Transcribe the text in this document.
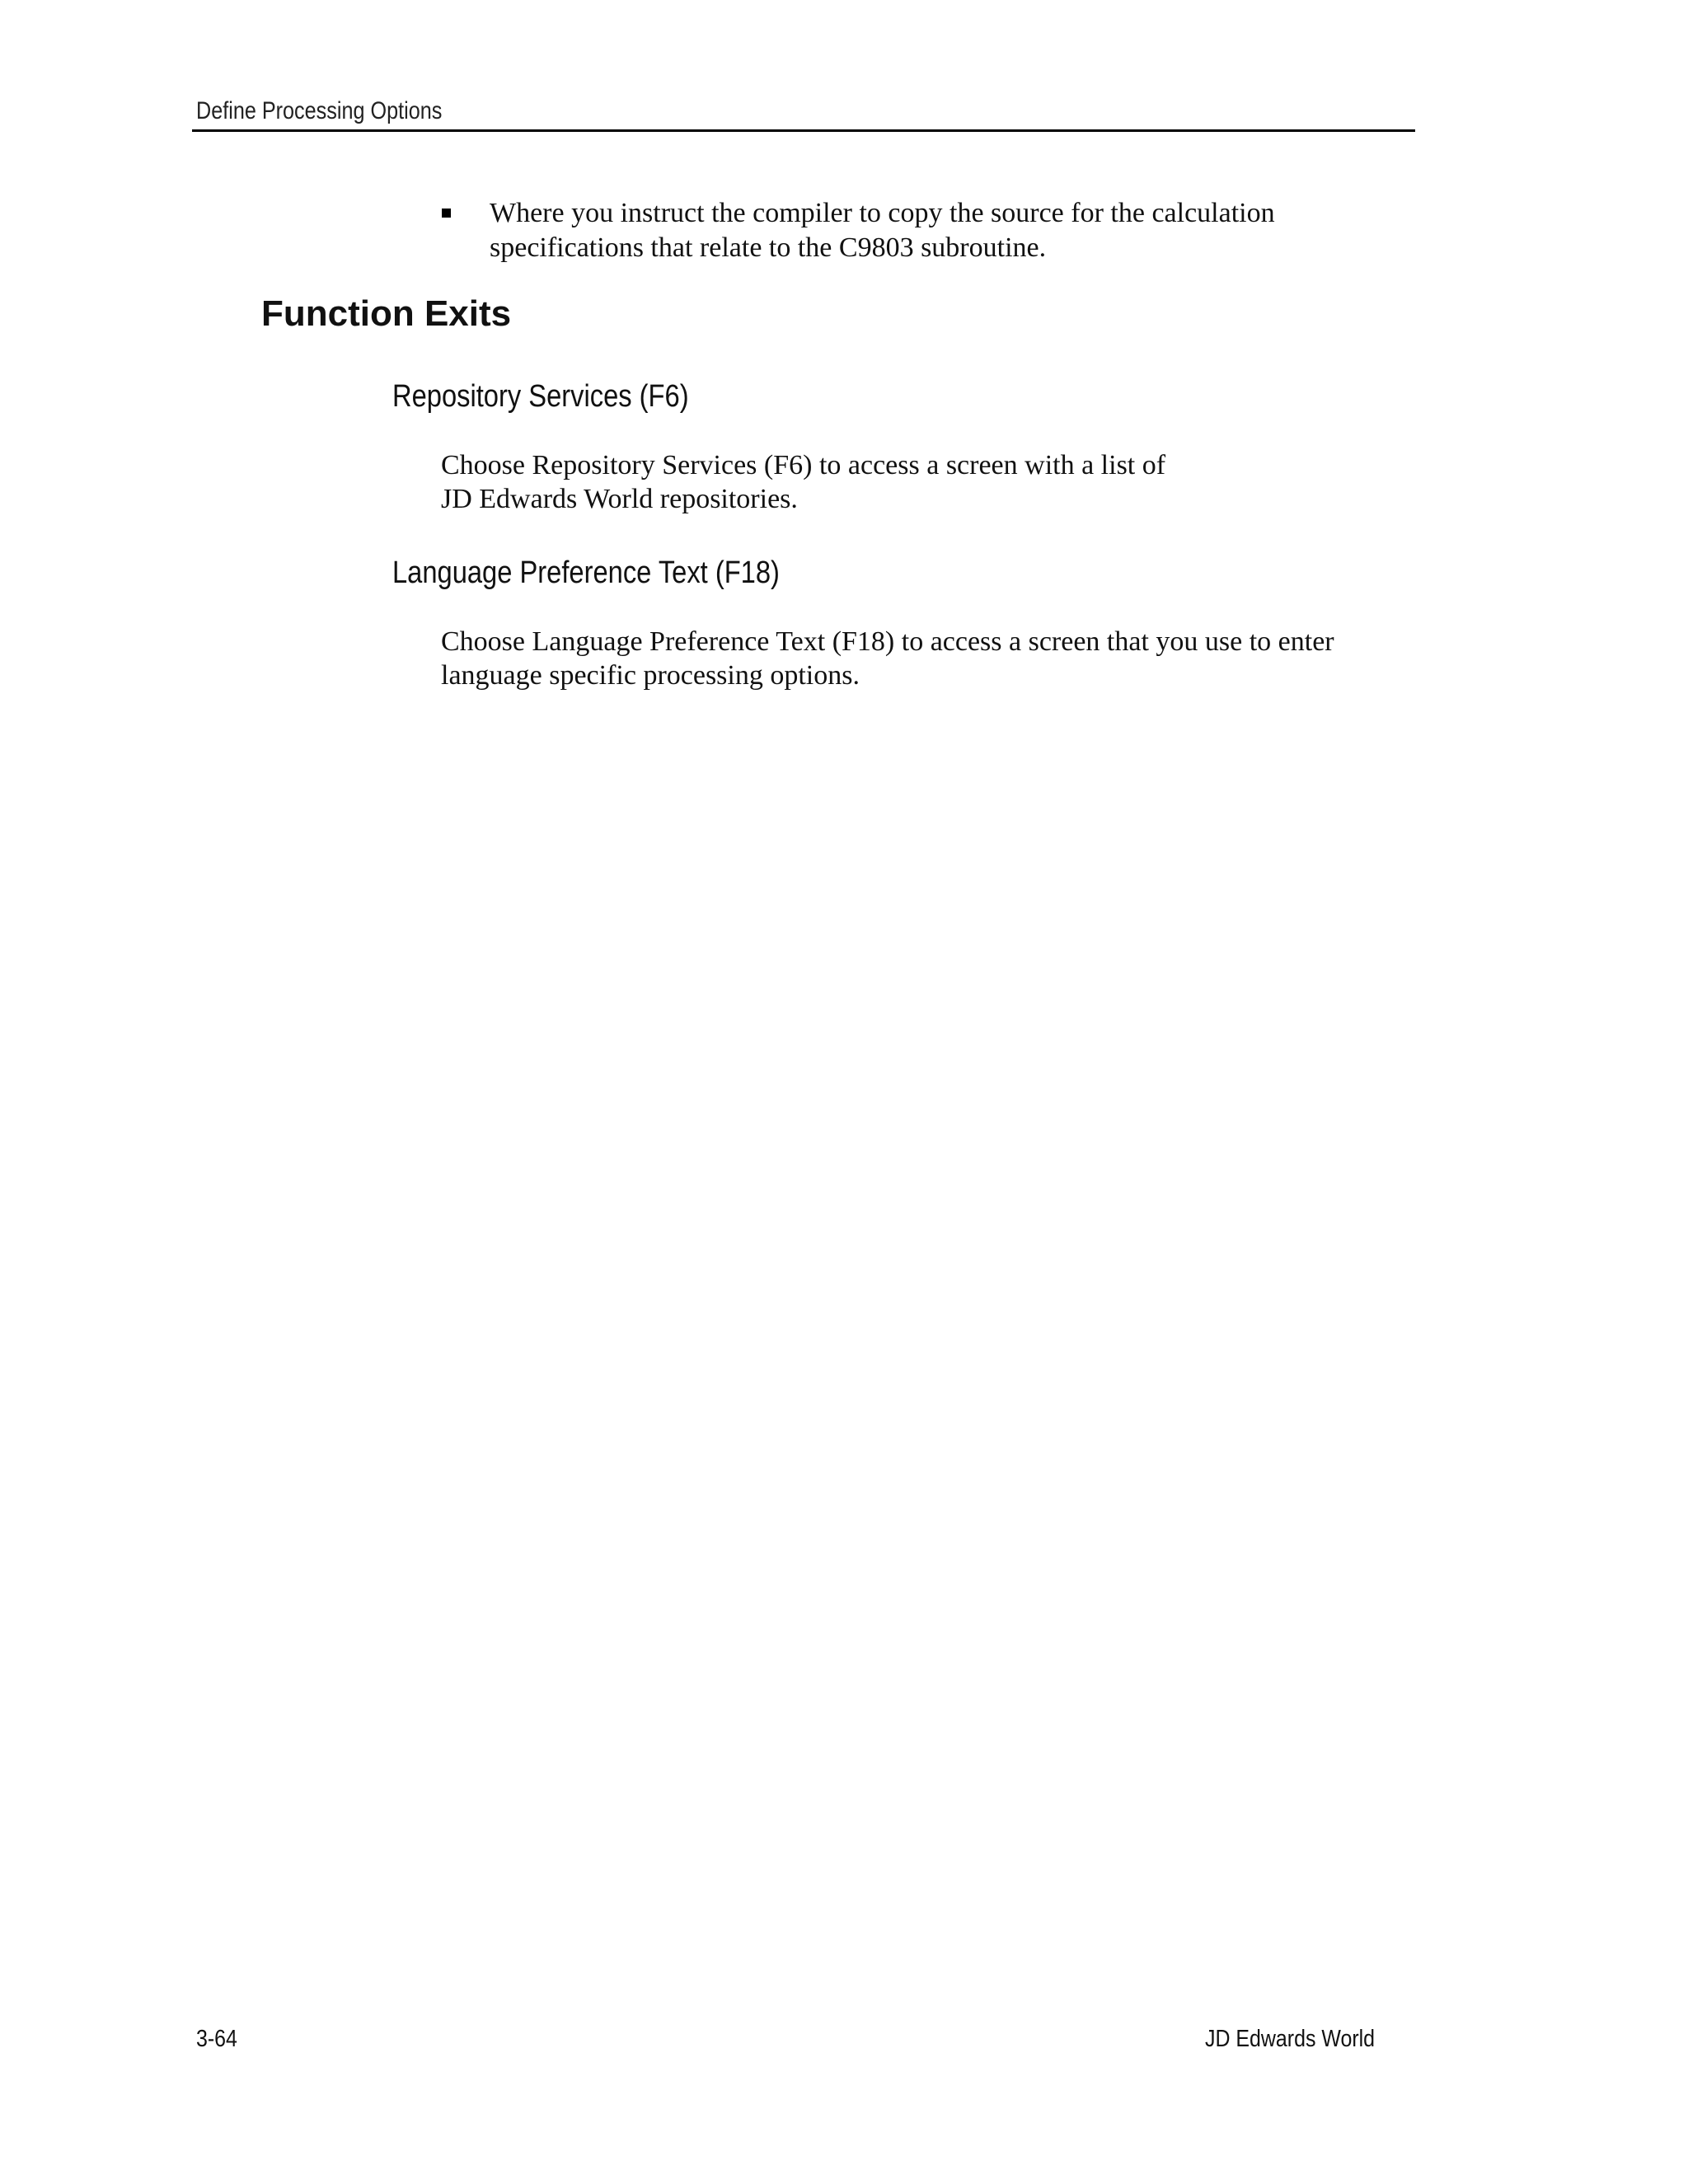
Define Processing Options
Where you instruct the compiler to copy the source for the calculation
specifications that relate to the C9803 subroutine.
Function Exits
Repository Services (F6)

Choose Repository Services (F6) to access a screen with a list of
JD Edwards World repositories.

Language Preference Text (F18)

Choose Language Preference Text (F18) to access a screen that you use to enter
language specific processing options.

3-64	JD Edwards World
